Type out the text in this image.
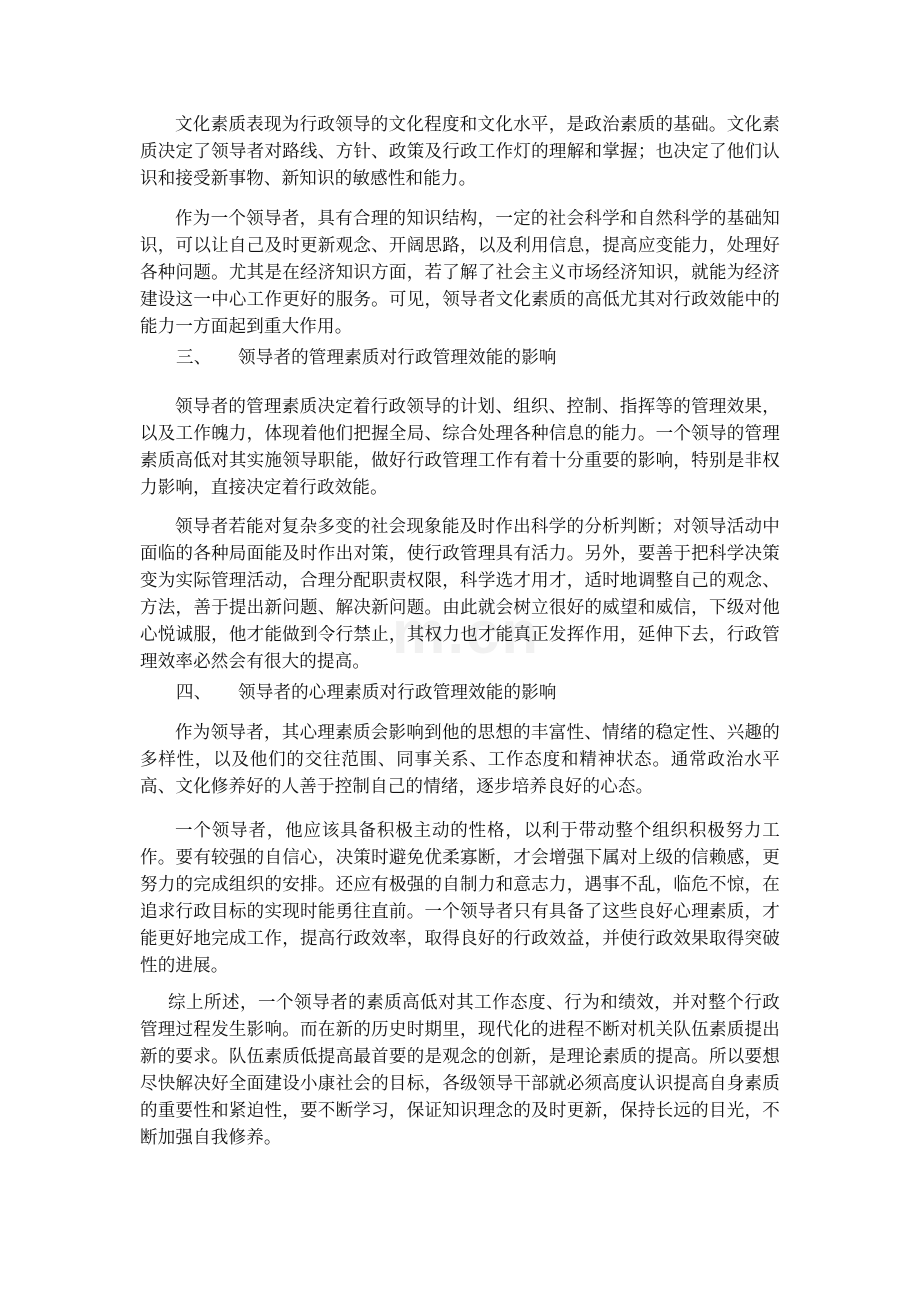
文化素质表现为行政领导的文化程度和文化水平，是政治素质的基础。文化素质决定了领导者对路线、方针、政策及行政工作灯的理解和掌握；也决定了他们认识和接受新事物、新知识的敏感性和能力。

作为一个领导者，具有合理的知识结构，一定的社会科学和自然科学的基础知识，可以让自己及时更新观念、开阔思路，以及利用信息，提高应变能力，处理好各种问题。尤其是在经济知识方面，若了解了社会主义市场经济知识，就能为经济建设这一中心工作更好的服务。可见，领导者文化素质的高低尤其对行政效能中的能力一方面起到重大作用。

三、 领导者的管理素质对行政管理效能的影响

领导者的管理素质决定着行政领导的计划、组织、控制、指挥等的管理效果，以及工作魄力，体现着他们把握全局、综合处理各种信息的能力。一个领导的管理素质高低对其实施领导职能，做好行政管理工作有着十分重要的影响，特别是非权力影响，直接决定着行政效能。

领导者若能对复杂多变的社会现象能及时作出科学的分析判断；对领导活动中面临的各种局面能及时作出对策，使行政管理具有活力。另外，要善于把科学决策变为实际管理活动，合理分配职责权限，科学选才用才，适时地调整自己的观念、方法，善于提出新问题、解决新问题。由此就会树立很好的威望和威信，下级对他心悦诚服，他才能做到令行禁止，其权力也才能真正发挥作用，延伸下去，行政管理效率必然会有很大的提高。

四、 领导者的心理素质对行政管理效能的影响

作为领导者，其心理素质会影响到他的思想的丰富性、情绪的稳定性、兴趣的多样性，以及他们的交往范围、同事关系、工作态度和精神状态。通常政治水平高、文化修养好的人善于控制自己的情绪，逐步培养良好的心态。

一个领导者，他应该具备积极主动的性格，以利于带动整个组织积极努力工作。要有较强的自信心，决策时避免优柔寡断，才会增强下属对上级的信赖感，更努力的完成组织的安排。还应有极强的自制力和意志力，遇事不乱，临危不惊，在追求行政目标的实现时能勇往直前。一个领导者只有具备了这些良好心理素质，才能更好地完成工作，提高行政效率，取得良好的行政效益，并使行政效果取得突破性的进展。

综上所述，一个领导者的素质高低对其工作态度、行为和绩效，并对整个行政管理过程发生影响。而在新的历史时期里，现代化的进程不断对机关队伍素质提出新的要求。队伍素质低提高最首要的是观念的创新，是理论素质的提高。所以要想尽快解决好全面建设小康社会的目标，各级领导干部就必须高度认识提高自身素质的重要性和紧迫性，要不断学习，保证知识理念的及时更新，保持长远的目光，不断加强自我修养。

m.cn
